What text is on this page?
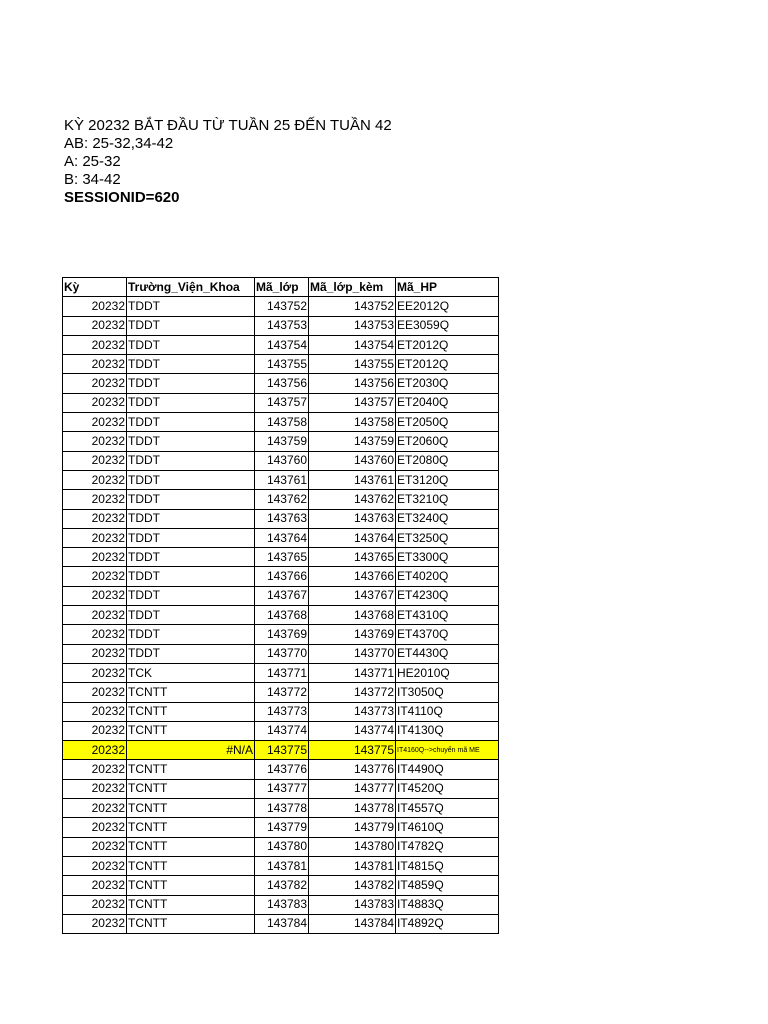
KỲ 20232 BẮT ĐẦU TỪ TUẦN 25 ĐẾN TUẦN 42
AB: 25-32,34-42
A: 25-32
B: 34-42
SESSIONID=620
Kỳ	Trường_Viện_Khoa	Mã_lớp	Mã_lớp_kèm	Mã_HP
20232	TDDT	143752	143752	EE2012Q
20232	TDDT	143753	143753	EE3059Q
20232	TDDT	143754	143754	ET2012Q
20232	TDDT	143755	143755	ET2012Q
20232	TDDT	143756	143756	ET2030Q
20232	TDDT	143757	143757	ET2040Q
20232	TDDT	143758	143758	ET2050Q
20232	TDDT	143759	143759	ET2060Q
20232	TDDT	143760	143760	ET2080Q
20232	TDDT	143761	143761	ET3120Q
20232	TDDT	143762	143762	ET3210Q
20232	TDDT	143763	143763	ET3240Q
20232	TDDT	143764	143764	ET3250Q
20232	TDDT	143765	143765	ET3300Q
20232	TDDT	143766	143766	ET4020Q
20232	TDDT	143767	143767	ET4230Q
20232	TDDT	143768	143768	ET4310Q
20232	TDDT	143769	143769	ET4370Q
20232	TDDT	143770	143770	ET4430Q
20232	TCK	143771	143771	HE2010Q
20232	TCNTT	143772	143772	IT3050Q
20232	TCNTT	143773	143773	IT4110Q
20232	TCNTT	143774	143774	IT4130Q
20232	#N/A	143775	143775	IT4160Q-->chuyển mã ME
20232	TCNTT	143776	143776	IT4490Q
20232	TCNTT	143777	143777	IT4520Q
20232	TCNTT	143778	143778	IT4557Q
20232	TCNTT	143779	143779	IT4610Q
20232	TCNTT	143780	143780	IT4782Q
20232	TCNTT	143781	143781	IT4815Q
20232	TCNTT	143782	143782	IT4859Q
20232	TCNTT	143783	143783	IT4883Q
20232	TCNTT	143784	143784	IT4892Q
